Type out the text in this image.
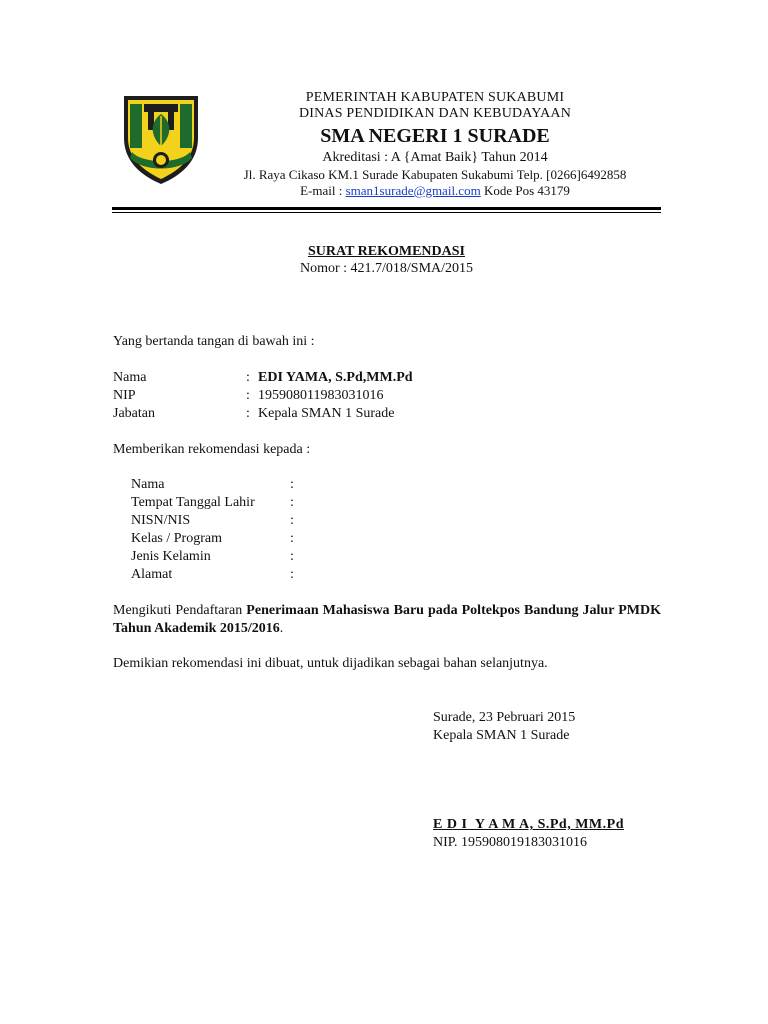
PEMERINTAH KABUPATEN SUKABUMI
DINAS PENDIDIKAN DAN KEBUDAYAAN
SMA NEGERI 1 SURADE
Akreditasi : A {Amat Baik} Tahun 2014
Jl. Raya Cikaso KM.1 Surade Kabupaten Sukabumi Telp. [0266]6492858
E-mail : sman1surade@gmail.com Kode Pos 43179
SURAT REKOMENDASI
Nomor : 421.7/018/SMA/2015
Yang bertanda tangan di bawah ini :
Nama	: EDI YAMA, S.Pd,MM.Pd
NIP	: 195908011983031016
Jabatan	: Kepala SMAN 1 Surade
Memberikan rekomendasi kepada :
Nama	:
Tempat Tanggal Lahir	:
NISN/NIS	:
Kelas / Program	:
Jenis Kelamin	:
Alamat	:
Mengikuti Pendaftaran Penerimaan Mahasiswa Baru pada Poltekpos Bandung Jalur PMDK Tahun Akademik 2015/2016.
Demikian rekomendasi ini dibuat, untuk dijadikan sebagai bahan selanjutnya.
Surade, 23 Pebruari 2015
Kepala SMAN 1 Surade
E D I  Y A M A, S.Pd, MM.Pd
NIP. 195908019183031016
